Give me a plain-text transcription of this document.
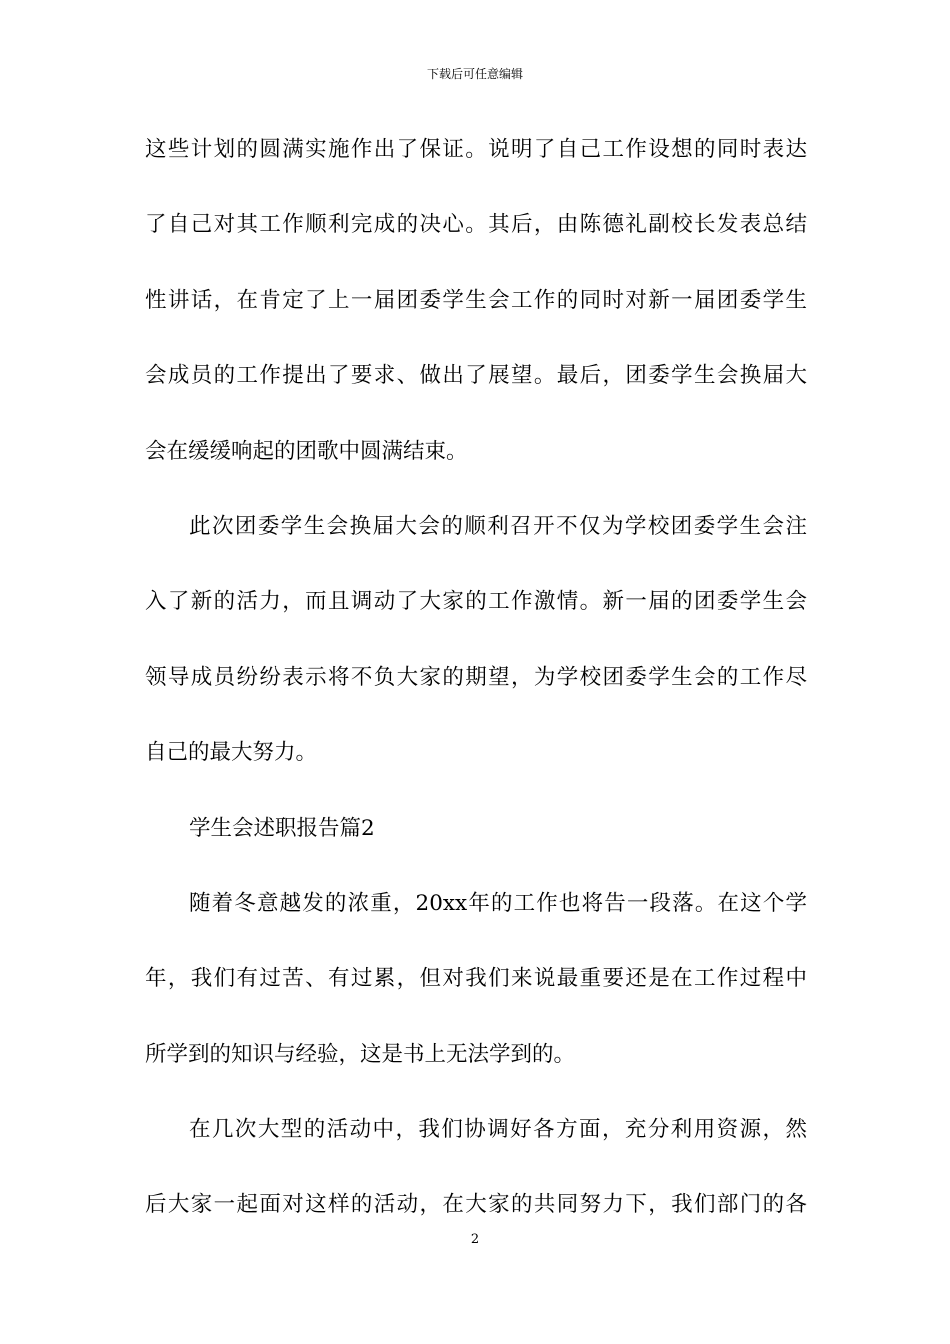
下载后可任意编辑
这些计划的圆满实施作出了保证。说明了自己工作设想的同时表达
了自己对其工作顺利完成的决心。其后，由陈德礼副校长发表总结
性讲话，在肯定了上一届团委学生会工作的同时对新一届团委学生
会成员的工作提出了要求、做出了展望。最后，团委学生会换届大
会在缓缓响起的团歌中圆满结束。
此次团委学生会换届大会的顺利召开不仅为学校团委学生会注
入了新的活力，而且调动了大家的工作激情。新一届的团委学生会
领导成员纷纷表示将不负大家的期望，为学校团委学生会的工作尽
自己的最大努力。
学生会述职报告篇2
随着冬意越发的浓重，20xx年的工作也将告一段落。在这个学
年，我们有过苦、有过累，但对我们来说最重要还是在工作过程中
所学到的知识与经验，这是书上无法学到的。
在几次大型的活动中，我们协调好各方面，充分利用资源，然
后大家一起面对这样的活动，在大家的共同努力下，我们部门的各
2
